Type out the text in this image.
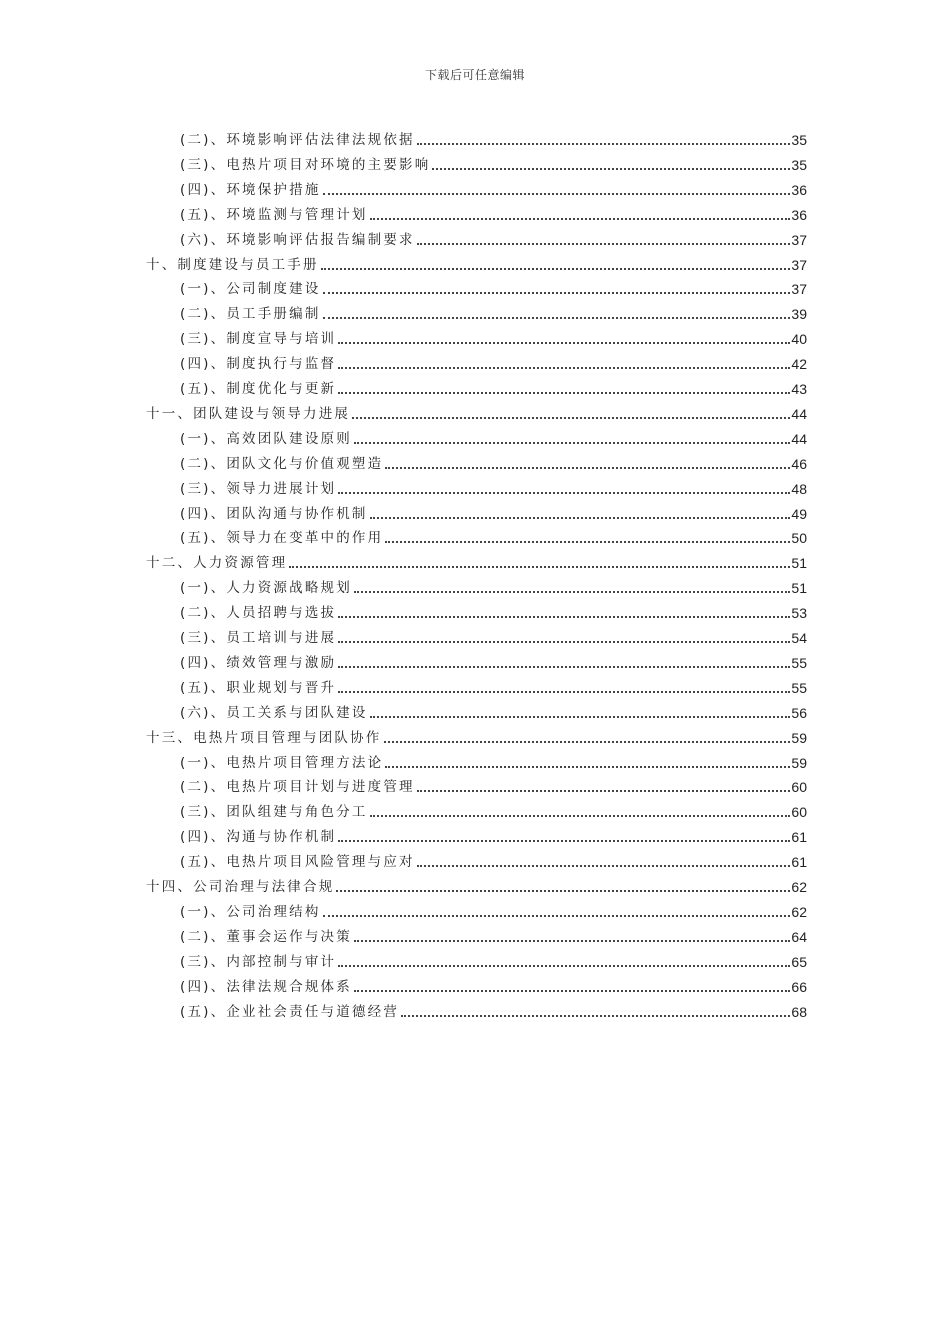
下载后可任意编辑
(二)、环境影响评估法律法规依据	35
(三)、电热片项目对环境的主要影响	35
(四)、环境保护措施	36
(五)、环境监测与管理计划	36
(六)、环境影响评估报告编制要求	37
十、制度建设与员工手册	37
(一)、公司制度建设	37
(二)、员工手册编制	39
(三)、制度宣导与培训	40
(四)、制度执行与监督	42
(五)、制度优化与更新	43
十一、团队建设与领导力进展	44
(一)、高效团队建设原则	44
(二)、团队文化与价值观塑造	46
(三)、领导力进展计划	48
(四)、团队沟通与协作机制	49
(五)、领导力在变革中的作用	50
十二、人力资源管理	51
(一)、人力资源战略规划	51
(二)、人员招聘与选拔	53
(三)、员工培训与进展	54
(四)、绩效管理与激励	55
(五)、职业规划与晋升	55
(六)、员工关系与团队建设	56
十三、电热片项目管理与团队协作	59
(一)、电热片项目管理方法论	59
(二)、电热片项目计划与进度管理	60
(三)、团队组建与角色分工	60
(四)、沟通与协作机制	61
(五)、电热片项目风险管理与应对	61
十四、公司治理与法律合规	62
(一)、公司治理结构	62
(二)、董事会运作与决策	64
(三)、内部控制与审计	65
(四)、法律法规合规体系	66
(五)、企业社会责任与道德经营	68
